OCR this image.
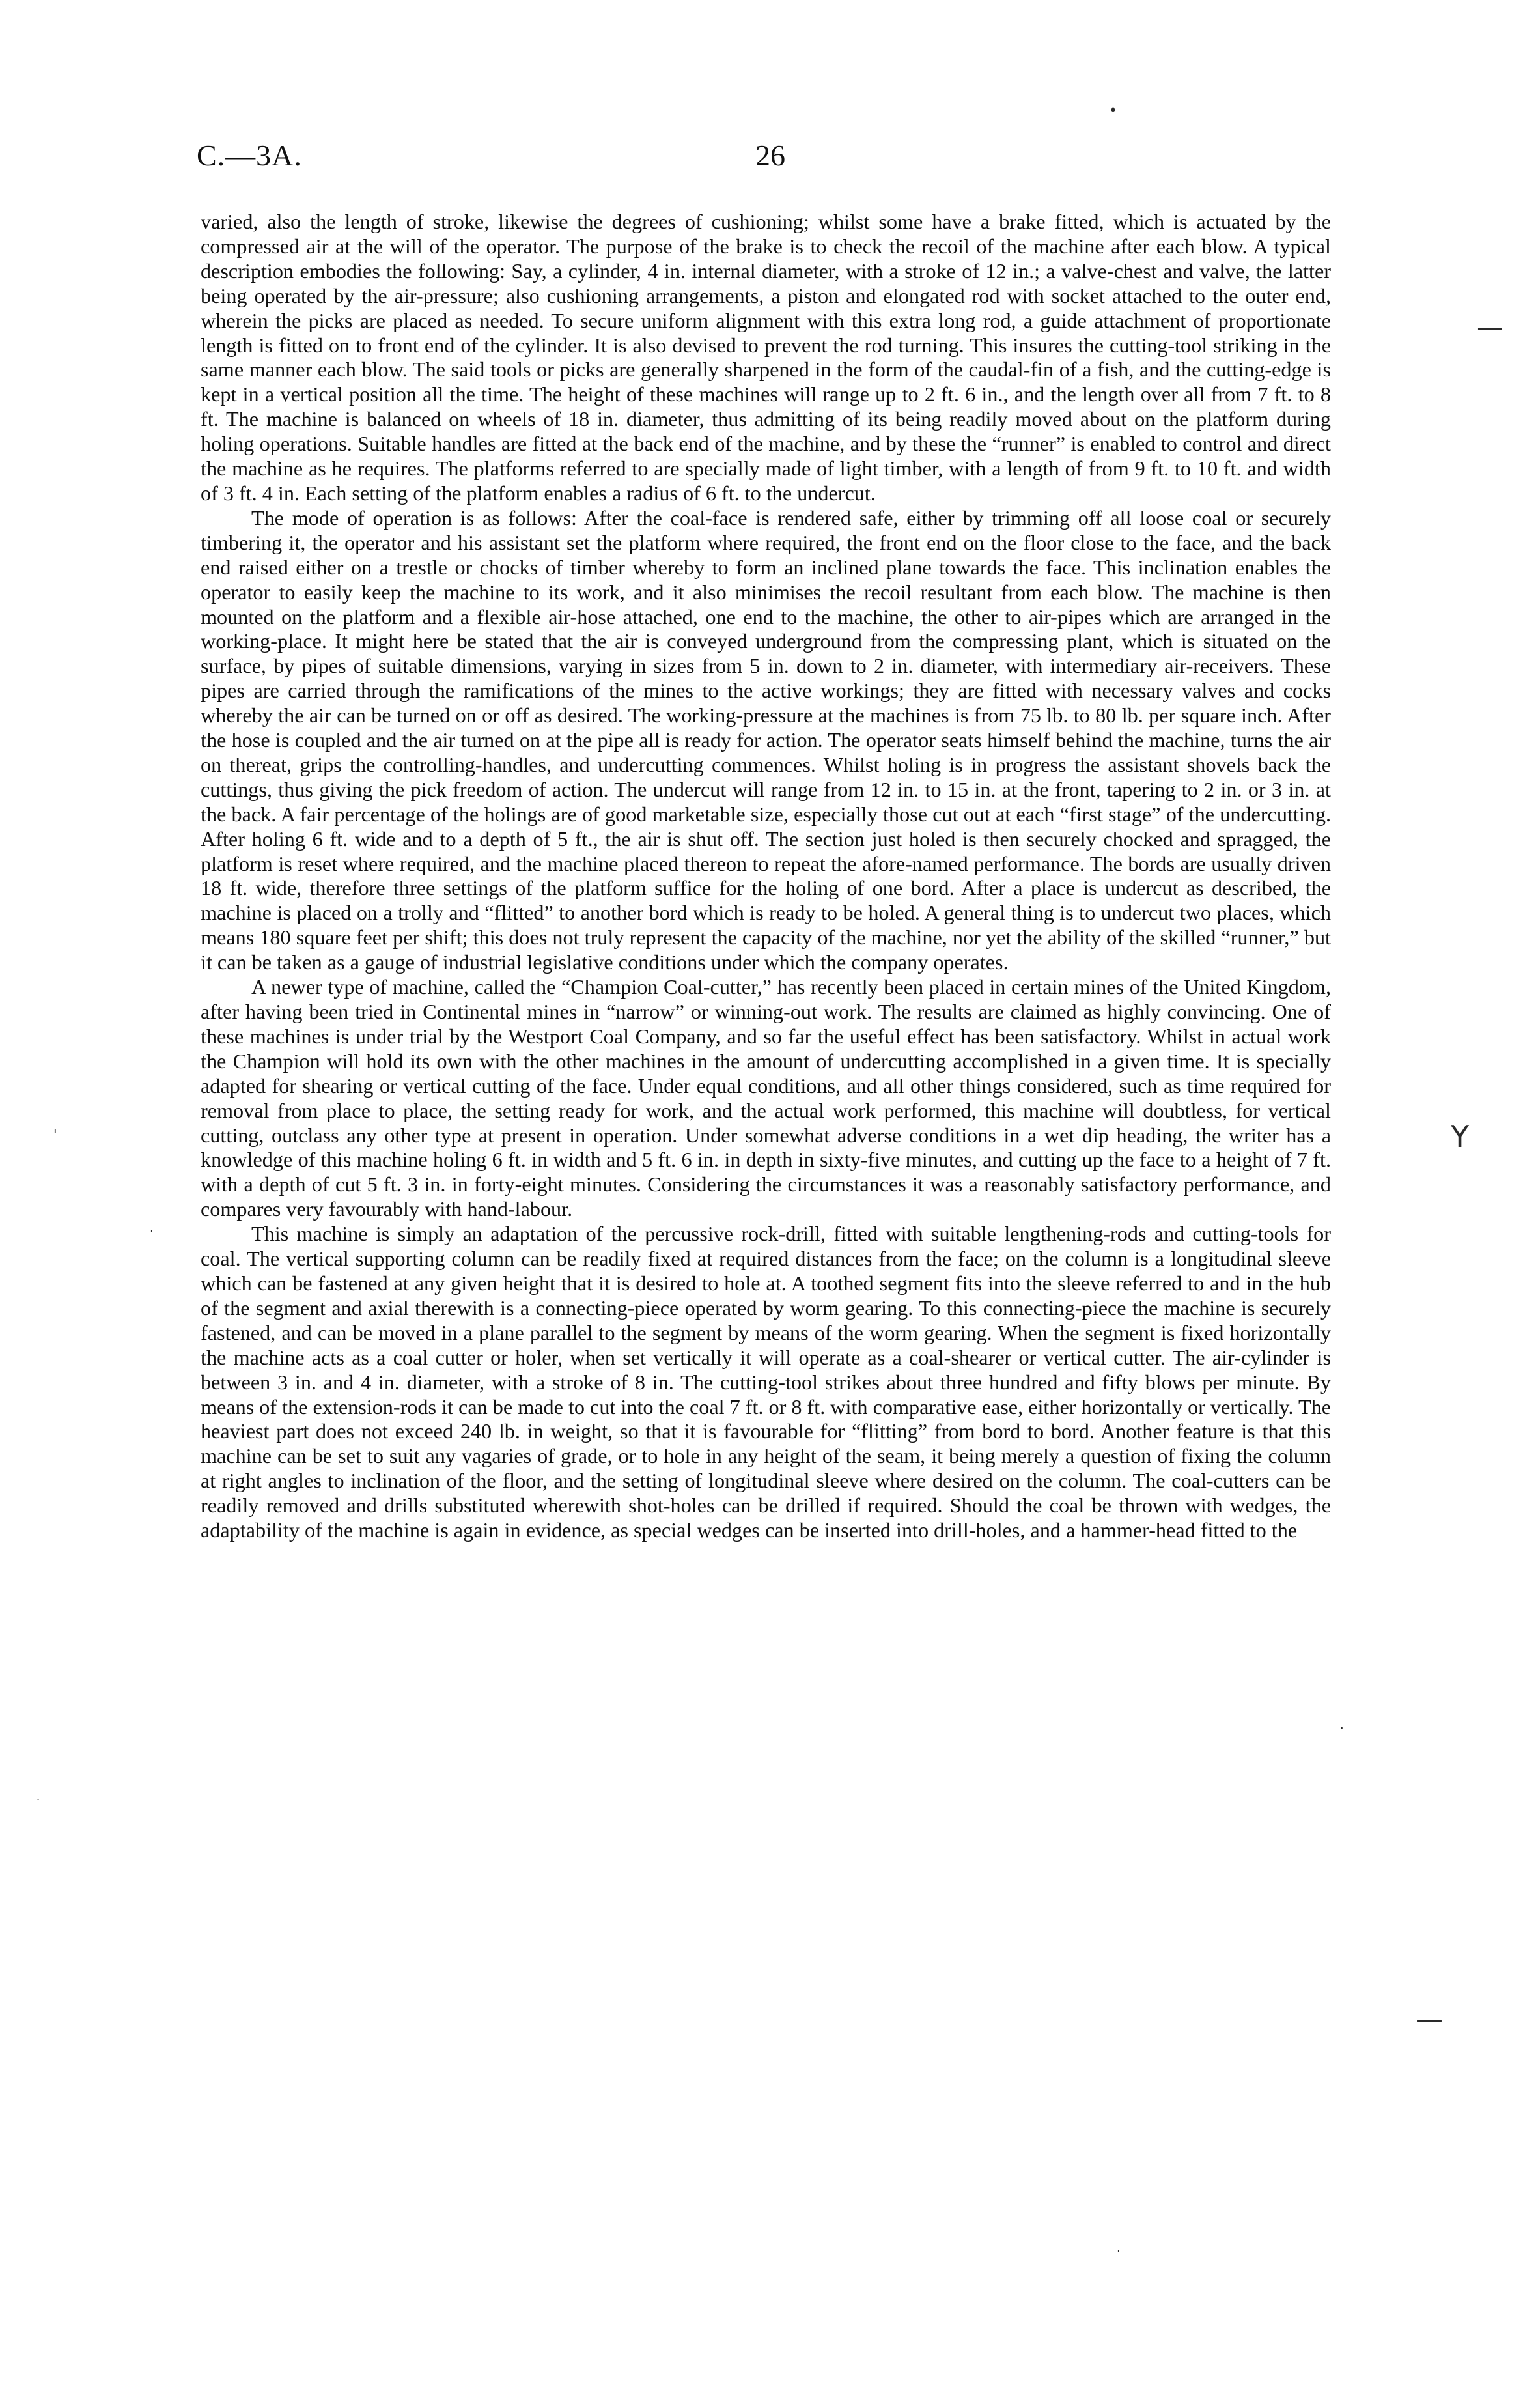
C.—3A.	26

varied, also the length of stroke, likewise the degrees of cushioning; whilst some have a brake fitted, which is actuated by the compressed air at the will of the operator. The purpose of the brake is to check the recoil of the machine after each blow. A typical description embodies the following: Say, a cylinder, 4 in. internal diameter, with a stroke of 12 in.; a valve-chest and valve, the latter being operated by the air-pressure; also cushioning arrangements, a piston and elongated rod with socket attached to the outer end, wherein the picks are placed as needed. To secure uniform alignment with this extra long rod, a guide attachment of proportionate length is fitted on to front end of the cylinder. It is also devised to prevent the rod turning. This insures the cutting-tool striking in the same manner each blow. The said tools or picks are generally sharpened in the form of the caudal-fin of a fish, and the cutting-edge is kept in a vertical position all the time. The height of these machines will range up to 2 ft. 6 in., and the length over all from 7 ft. to 8 ft. The machine is balanced on wheels of 18 in. diameter, thus admitting of its being readily moved about on the platform during holing operations. Suitable handles are fitted at the back end of the machine, and by these the “runner” is enabled to control and direct the machine as he requires. The platforms referred to are specially made of light timber, with a length of from 9 ft. to 10 ft. and width of 3 ft. 4 in. Each setting of the platform enables a radius of 6 ft. to the undercut.

The mode of operation is as follows: After the coal-face is rendered safe, either by trimming off all loose coal or securely timbering it, the operator and his assistant set the platform where required, the front end on the floor close to the face, and the back end raised either on a trestle or chocks of timber whereby to form an inclined plane towards the face. This inclination enables the operator to easily keep the machine to its work, and it also minimises the recoil resultant from each blow. The machine is then mounted on the platform and a flexible air-hose attached, one end to the machine, the other to air-pipes which are arranged in the working-place. It might here be stated that the air is conveyed underground from the compressing plant, which is situated on the surface, by pipes of suitable dimensions, varying in sizes from 5 in. down to 2 in. diameter, with intermediary air-receivers. These pipes are carried through the ramifications of the mines to the active workings; they are fitted with necessary valves and cocks whereby the air can be turned on or off as desired. The working-pressure at the machines is from 75 lb. to 80 lb. per square inch. After the hose is coupled and the air turned on at the pipe all is ready for action. The operator seats himself behind the machine, turns the air on thereat, grips the controlling-handles, and undercutting commences. Whilst holing is in progress the assistant shovels back the cuttings, thus giving the pick freedom of action. The undercut will range from 12 in. to 15 in. at the front, tapering to 2 in. or 3 in. at the back. A fair percentage of the holings are of good marketable size, especially those cut out at each “first stage” of the undercutting. After holing 6 ft. wide and to a depth of 5 ft., the air is shut off. The section just holed is then securely chocked and spragged, the platform is reset where required, and the machine placed thereon to repeat the afore-named performance. The bords are usually driven 18 ft. wide, therefore three settings of the platform suffice for the holing of one bord. After a place is undercut as described, the machine is placed on a trolly and “flitted” to another bord which is ready to be holed. A general thing is to undercut two places, which means 180 square feet per shift; this does not truly represent the capacity of the machine, nor yet the ability of the skilled “runner,” but it can be taken as a gauge of industrial legislative conditions under which the company operates.

A newer type of machine, called the “Champion Coal-cutter,” has recently been placed in certain mines of the United Kingdom, after having been tried in Continental mines in “narrow” or winning-out work. The results are claimed as highly convincing. One of these machines is under trial by the Westport Coal Company, and so far the useful effect has been satisfactory. Whilst in actual work the Champion will hold its own with the other machines in the amount of undercutting accomplished in a given time. It is specially adapted for shearing or vertical cutting of the face. Under equal conditions, and all other things considered, such as time required for removal from place to place, the setting ready for work, and the actual work performed, this machine will doubtless, for vertical cutting, outclass any other type at present in operation. Under somewhat adverse conditions in a wet dip heading, the writer has a knowledge of this machine holing 6 ft. in width and 5 ft. 6 in. in depth in sixty-five minutes, and cutting up the face to a height of 7 ft. with a depth of cut 5 ft. 3 in. in forty-eight minutes. Considering the circumstances it was a reasonably satisfactory performance, and compares very favourably with hand-labour.

This machine is simply an adaptation of the percussive rock-drill, fitted with suitable lengthening-rods and cutting-tools for coal. The vertical supporting column can be readily fixed at required distances from the face; on the column is a longitudinal sleeve which can be fastened at any given height that it is desired to hole at. A toothed segment fits into the sleeve referred to and in the hub of the segment and axial therewith is a connecting-piece operated by worm gearing. To this connecting-piece the machine is securely fastened, and can be moved in a plane parallel to the segment by means of the worm gearing. When the segment is fixed horizontally the machine acts as a coal cutter or holer, when set vertically it will operate as a coal-shearer or vertical cutter. The air-cylinder is between 3 in. and 4 in. diameter, with a stroke of 8 in. The cutting-tool strikes about three hundred and fifty blows per minute. By means of the extension-rods it can be made to cut into the coal 7 ft. or 8 ft. with comparative ease, either horizontally or vertically. The heaviest part does not exceed 240 lb. in weight, so that it is favourable for “flitting” from bord to bord. Another feature is that this machine can be set to suit any vagaries of grade, or to hole in any height of the seam, it being merely a question of fixing the column at right angles to inclination of the floor, and the setting of longitudinal sleeve where desired on the column. The coal-cutters can be readily removed and drills substituted wherewith shot-holes can be drilled if required. Should the coal be thrown with wedges, the adaptability of the machine is again in evidence, as special wedges can be inserted into drill-holes, and a hammer-head fitted to the

•
—
Y
'
.
.
.
—
.
